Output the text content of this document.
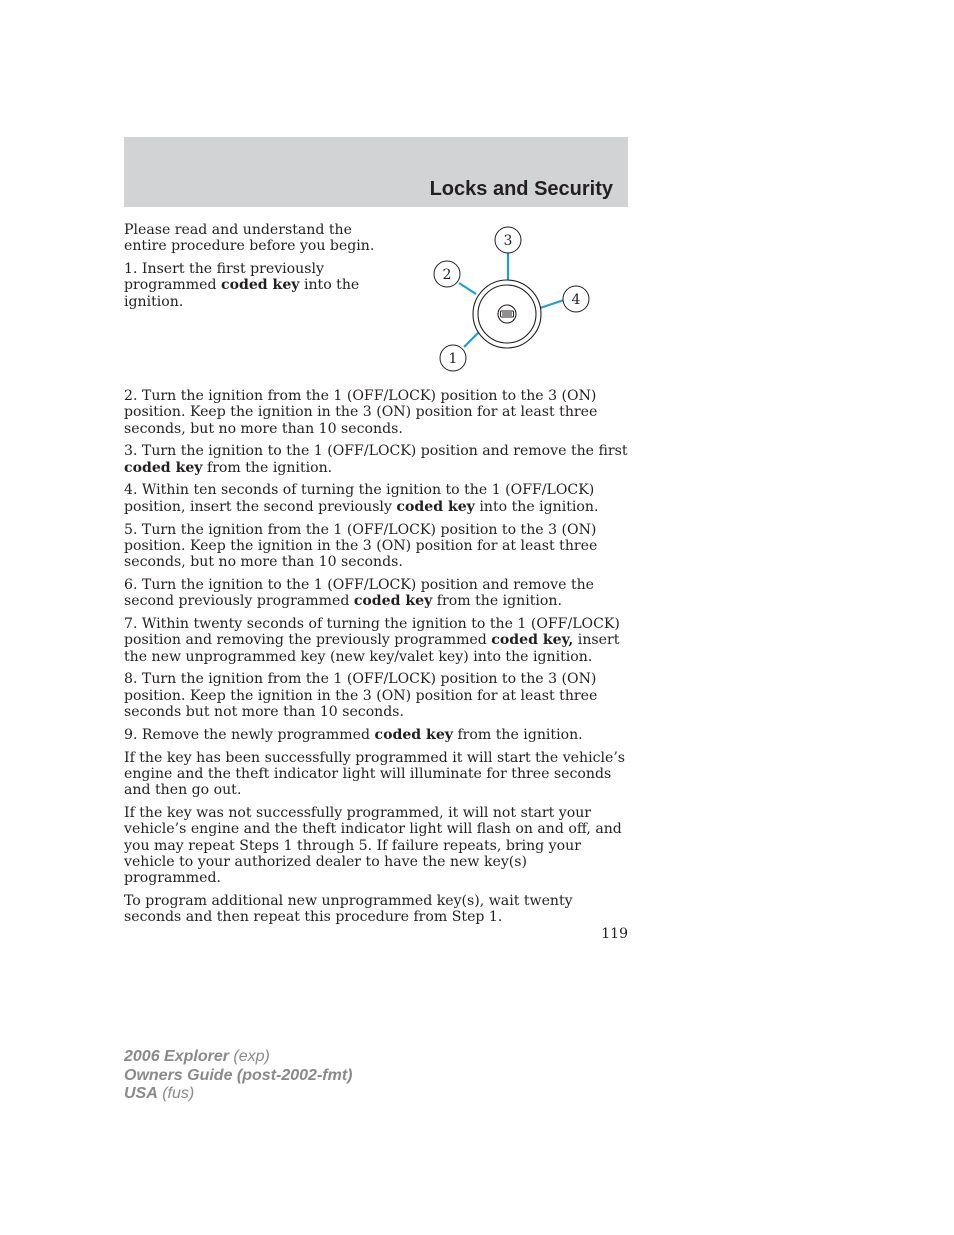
Locks and Security

Please read and understand the entire procedure before you begin.

1. Insert the first previously programmed coded key into the ignition.

3
2
4
1

2. Turn the ignition from the 1 (OFF/LOCK) position to the 3 (ON) position. Keep the ignition in the 3 (ON) position for at least three seconds, but no more than 10 seconds.

3. Turn the ignition to the 1 (OFF/LOCK) position and remove the first coded key from the ignition.

4. Within ten seconds of turning the ignition to the 1 (OFF/LOCK) position, insert the second previously coded key into the ignition.

5. Turn the ignition from the 1 (OFF/LOCK) position to the 3 (ON) position. Keep the ignition in the 3 (ON) position for at least three seconds, but no more than 10 seconds.

6. Turn the ignition to the 1 (OFF/LOCK) position and remove the second previously programmed coded key from the ignition.

7. Within twenty seconds of turning the ignition to the 1 (OFF/LOCK) position and removing the previously programmed coded key, insert the new unprogrammed key (new key/valet key) into the ignition.

8. Turn the ignition from the 1 (OFF/LOCK) position to the 3 (ON) position. Keep the ignition in the 3 (ON) position for at least three seconds but not more than 10 seconds.

9. Remove the newly programmed coded key from the ignition.

If the key has been successfully programmed it will start the vehicle’s engine and the theft indicator light will illuminate for three seconds and then go out.

If the key was not successfully programmed, it will not start your vehicle’s engine and the theft indicator light will flash on and off, and you may repeat Steps 1 through 5. If failure repeats, bring your vehicle to your authorized dealer to have the new key(s) programmed.

To program additional new unprogrammed key(s), wait twenty seconds and then repeat this procedure from Step 1.

119
2006 Explorer (exp)
Owners Guide (post-2002-fmt)
USA (fus)
